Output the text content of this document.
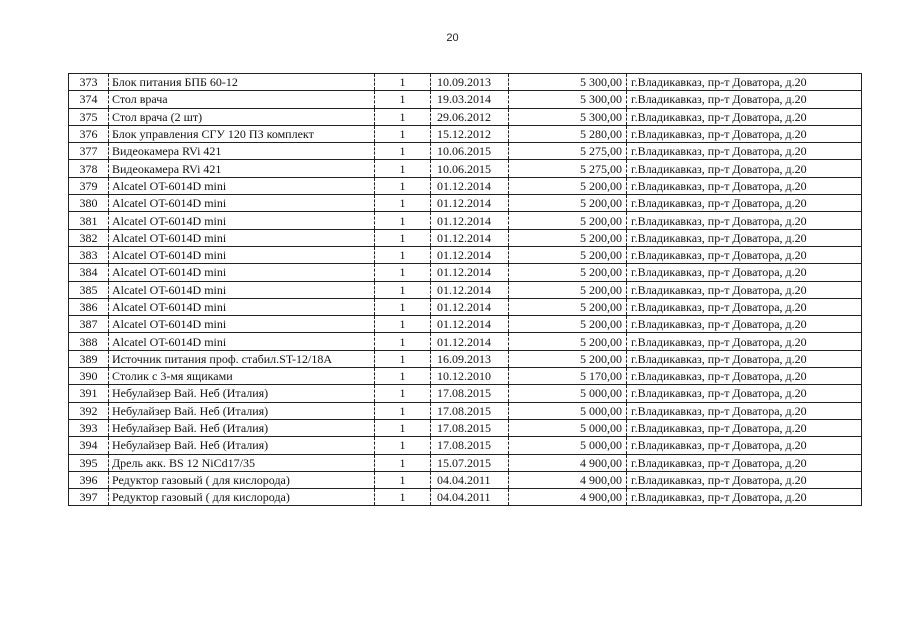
20
373	Блок питания БПБ 60-12	1	10.09.2013	5 300,00	г.Владикавказ, пр-т Доватора, д.20
374	Стол врача	1	19.03.2014	5 300,00	г.Владикавказ, пр-т Доватора, д.20
375	Стол врача (2 шт)	1	29.06.2012	5 300,00	г.Владикавказ, пр-т Доватора, д.20
376	Блок управления СГУ 120 ПЗ комплект	1	15.12.2012	5 280,00	г.Владикавказ, пр-т Доватора, д.20
377	Видеокамера RVi 421	1	10.06.2015	5 275,00	г.Владикавказ, пр-т Доватора, д.20
378	Видеокамера RVi 421	1	10.06.2015	5 275,00	г.Владикавказ, пр-т Доватора, д.20
379	Alcatel OT-6014D mini	1	01.12.2014	5 200,00	г.Владикавказ, пр-т Доватора, д.20
380	Alcatel OT-6014D mini	1	01.12.2014	5 200,00	г.Владикавказ, пр-т Доватора, д.20
381	Alcatel OT-6014D mini	1	01.12.2014	5 200,00	г.Владикавказ, пр-т Доватора, д.20
382	Alcatel OT-6014D mini	1	01.12.2014	5 200,00	г.Владикавказ, пр-т Доватора, д.20
383	Alcatel OT-6014D mini	1	01.12.2014	5 200,00	г.Владикавказ, пр-т Доватора, д.20
384	Alcatel OT-6014D mini	1	01.12.2014	5 200,00	г.Владикавказ, пр-т Доватора, д.20
385	Alcatel OT-6014D mini	1	01.12.2014	5 200,00	г.Владикавказ, пр-т Доватора, д.20
386	Alcatel OT-6014D mini	1	01.12.2014	5 200,00	г.Владикавказ, пр-т Доватора, д.20
387	Alcatel OT-6014D mini	1	01.12.2014	5 200,00	г.Владикавказ, пр-т Доватора, д.20
388	Alcatel OT-6014D mini	1	01.12.2014	5 200,00	г.Владикавказ, пр-т Доватора, д.20
389	Источник питания проф. стабил.ST-12/18A	1	16.09.2013	5 200,00	г.Владикавказ, пр-т Доватора, д.20
390	Столик с 3-мя ящиками	1	10.12.2010	5 170,00	г.Владикавказ, пр-т Доватора, д.20
391	Небулайзер Вай. Неб (Италия)	1	17.08.2015	5 000,00	г.Владикавказ, пр-т Доватора, д.20
392	Небулайзер Вай. Неб (Италия)	1	17.08.2015	5 000,00	г.Владикавказ, пр-т Доватора, д.20
393	Небулайзер Вай. Неб (Италия)	1	17.08.2015	5 000,00	г.Владикавказ, пр-т Доватора, д.20
394	Небулайзер Вай. Неб (Италия)	1	17.08.2015	5 000,00	г.Владикавказ, пр-т Доватора, д.20
395	Дрель акк. BS 12 NiCd17/35	1	15.07.2015	4 900,00	г.Владикавказ, пр-т Доватора, д.20
396	Редуктор газовый ( для кислорода)	1	04.04.2011	4 900,00	г.Владикавказ, пр-т Доватора, д.20
397	Редуктор газовый ( для кислорода)	1	04.04.2011	4 900,00	г.Владикавказ, пр-т Доватора, д.20
